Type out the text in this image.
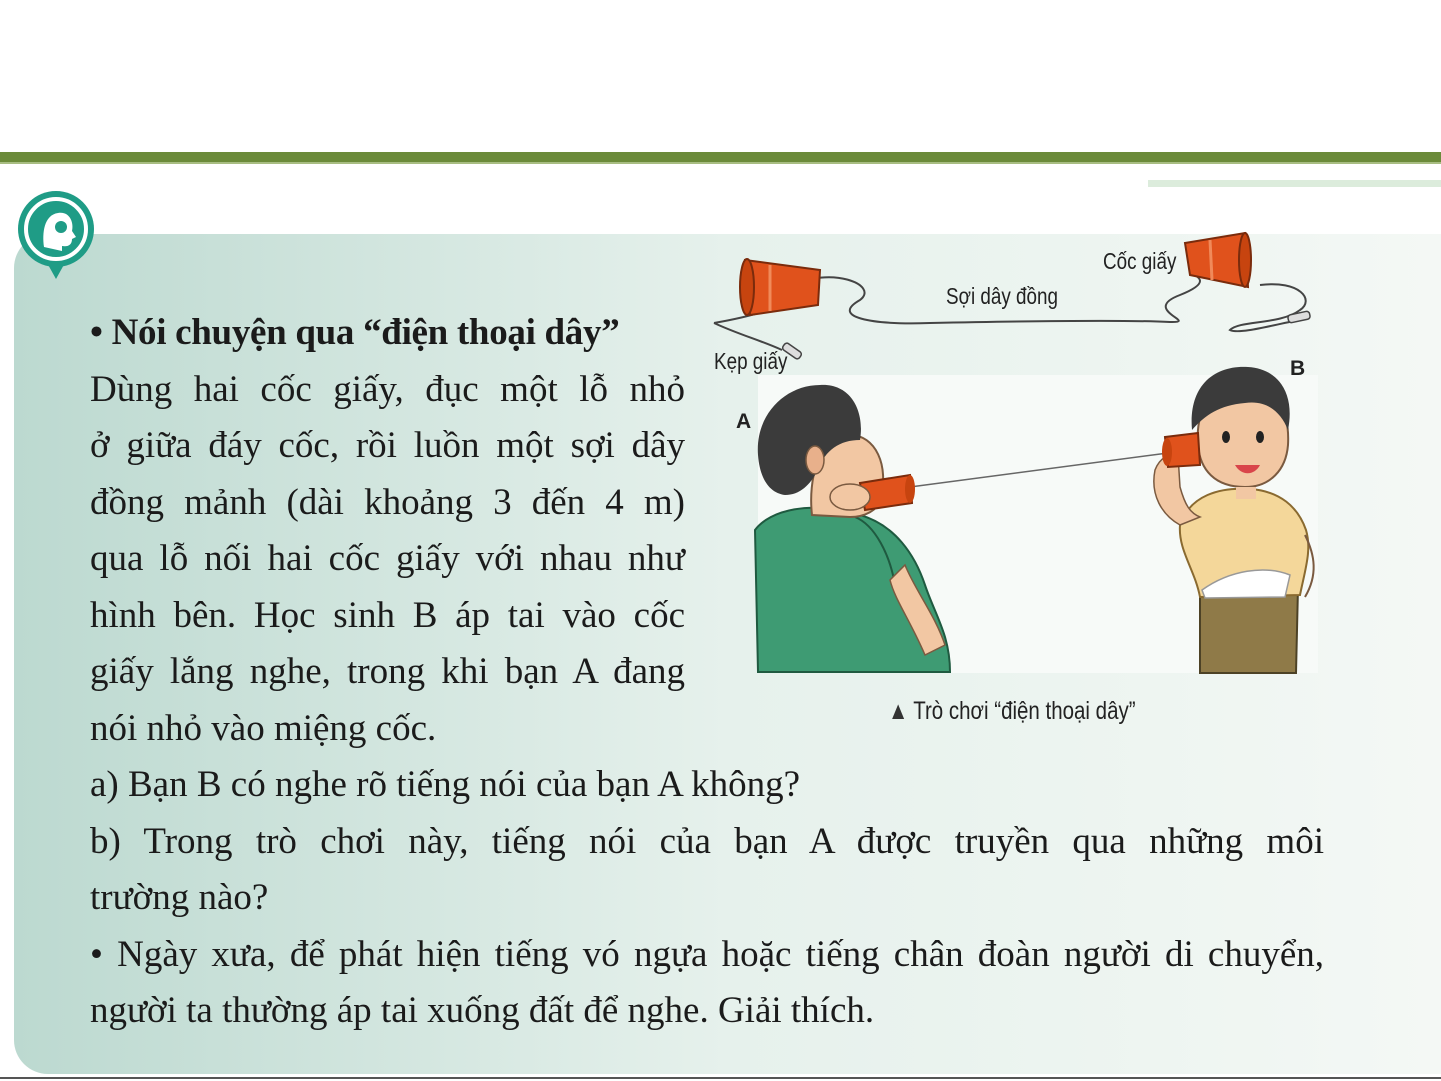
• Nói chuyện qua “điện thoại dây”
Dùng hai cốc giấy, đục một lỗ nhỏ
ở giữa đáy cốc, rồi luồn một sợi dây
đồng mảnh (dài khoảng 3 đến 4 m)
qua lỗ nối hai cốc giấy với nhau như
hình bên. Học sinh B áp tai vào cốc
giấy lắng nghe, trong khi bạn A đang
nói nhỏ vào miệng cốc.
a) Bạn B có nghe rõ tiếng nói của bạn A không?
b) Trong trò chơi này, tiếng nói của bạn A được truyền qua những môi
trường nào?
• Ngày xưa, để phát hiện tiếng vó ngựa hoặc tiếng chân đoàn người di chuyển,
người ta thường áp tai xuống đất để nghe. Giải thích.
Cốc giấy
Sợi dây đồng
Kẹp giấy
A
B
▲ Trò chơi “điện thoại dây”
